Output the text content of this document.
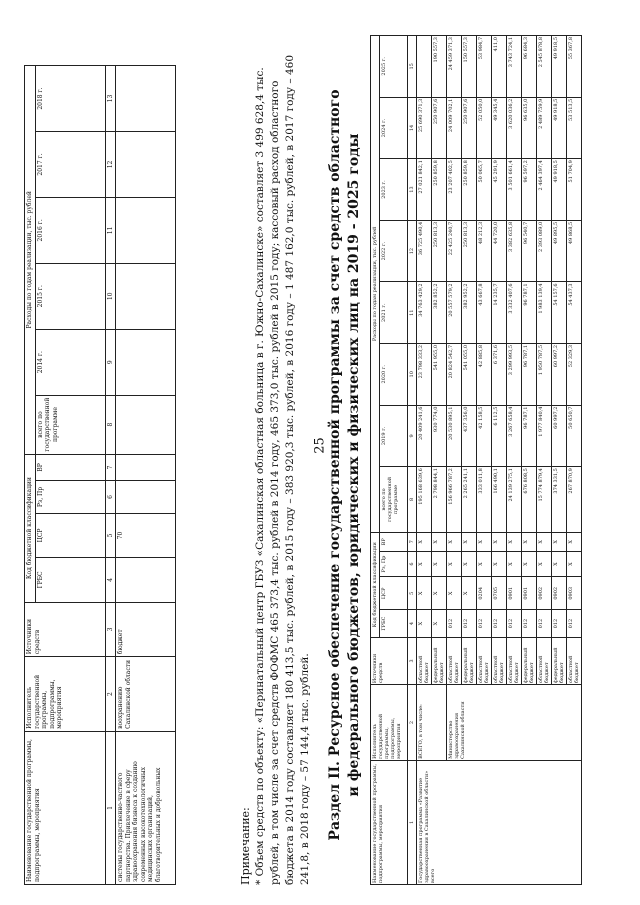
25
Наименование государственной программы, подпрограммы, мероприятия	Исполнитель государственной программы, подпрограммы, мероприятия	Источники средств	Код бюджетной классификации				Расходы по годам реализации, тыс. рублей					
			ГРБС	ЦСР	Рз, Пр	ВР	всего по государственной программе	2014 г.	2015 г.	2016 г.	2017 г.	2018 г.
1	2	3	4	5	6	7	8	9	10	11	12	13
системы государственно-частного партнерства. Привлечение в сферу здравоохранения бизнеса к созданию современных высокотехнологичных медицинских организаций, благотворительных и добровольных	воохранению Сахалинской области	бюджет		70								
Примечание: * Объем средств по объекту: «Перинатальный центр ГБУЗ «Сахалинская областная больница в г. Южно-Сахалинске» составляет 3 499 628,4 тыс. рублей, в том числе за счет средств ФОФМС 465 373,4 тыс. рублей в 2014 году, 465 373,0 тыс. рублей в 2015 году; кассовый расход областного бюджета в 2014 году составляет 180 413,5 тыс. рублей, в 2015 году – 383 920,3 тыс. рублей, в 2016 году – 1 487 162,0 тыс. рублей, в 2017 году – 460 241,8, в 2018 году – 57 144,4 тыс. рублей. Раздел II. Ресурсное обеспечение государственной программы за счет средств областного и федерального бюджетов, юридических и физических лиц на 2019 - 2025 годы
Наименование государственной программы, подпрограммы, мероприятия	Исполнитель государственной программы, подпрограммы, мероприятия	Источники средств	Код бюджетной классификации				Расходы по годам реализации, тыс. рублей							
			ГРБС	ЦСР	Рз, Пр	ВР	всего по государственной программе	2019 г.	2020 г.	2021 г.	2022 г.	2023 г.	2024 г.	2025 г.
1	2	3	4	5	6	7	8	9	10	11	12	13	14	15
Государственная программа «Развитие здравоохранения в Сахалинской области» всего	ВСЕГО, в том числе:	областной бюджет	X	X	X	X	195 168 639,6	20 409 241,6	23 798 333,2	34 763 429,2	36 725 490,4	27 021 842,1	25 690 371,3	
		федеральный бюджет	X	X	X	X	2 798 844,1	930 774,0	541 955,0	382 852,2	250 813,3	250 859,8	250 907,6	190 557,3
	Министерство здравоохранения Сахалинской области	областной бюджет	012	X	X	X	156 966 787,2	20 530 895,1	20 824 542,7	20 557 579,2	22 425 240,7	23 207 402,5	24 009 702,1	24 459 371,3
		федеральный бюджет	012	X	X	X	2 265 241,1	437 356,0	541 055,0	382 952,2	250 813,3	250 859,8	250 907,6	150 557,3
		областной бюджет	012	0204	X	X	333 011,8	42 158,5	42 885,8	43 667,8	48 212,3	50 065,7	52 050,0	53 984,7
		областной бюджет	012	0705	X	X	166 490,1	6 112,5	6 371,6	14 235,7	44 720,0	45 291,9	49 345,4	411,0
		областной бюджет	012	0901	X	X	24 139 275,1	3 267 658,4	3 299 993,5	3 332 407,6	3 382 635,8	3 501 661,4	3 620 036,2	3 743 724,1
		федеральный бюджет	012	0901	X	X	676 808,5	96 787,1	96 787,1	96 787,1	96 540,7	96 597,2	96 635,0	96 684,3
		областной бюджет	012	0902	X	X	15 774 879,4	1 977 840,4	1 950 787,5	1 983 139,4	2 393 089,0	2 464 397,4	2 489 759,9	2 545 878,8
		федеральный бюджет	012	0902	X	X	374 331,5	60 997,2	60 997,2	54 157,6	49 895,5	49 918,5	49 918,5	49 918,5
		областной бюджет	012	0903	X	X	267 870,9	50 650,7	52 329,3	54 437,3	49 868,5	51 704,9	53 513,5	55 367,8
